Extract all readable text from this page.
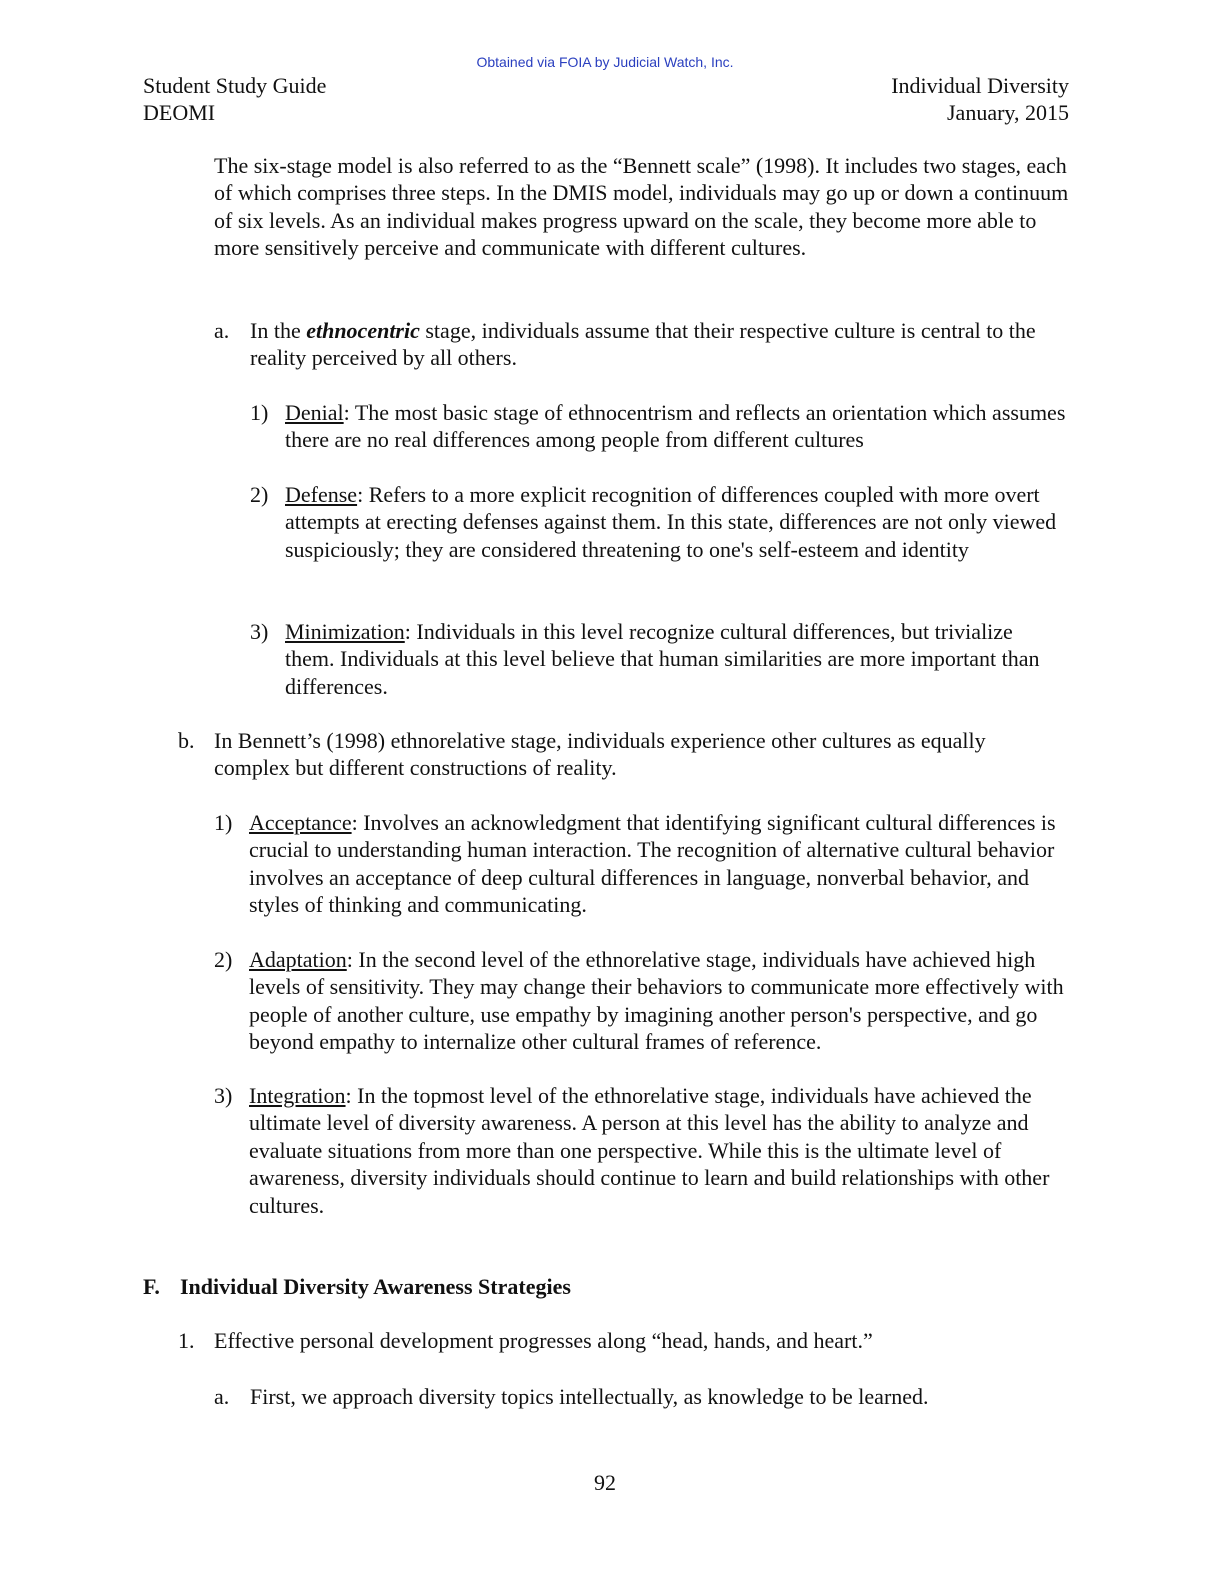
Obtained via FOIA by Judicial Watch, Inc.
Student Study Guide
DEOMI
Individual Diversity
January, 2015
The six-stage model is also referred to as the “Bennett scale” (1998). It includes two stages, each of which comprises three steps. In the DMIS model, individuals may go up or down a continuum of six levels. As an individual makes progress upward on the scale, they become more able to more sensitively perceive and communicate with different cultures.
a. In the ethnocentric stage, individuals assume that their respective culture is central to the reality perceived by all others.
1) Denial: The most basic stage of ethnocentrism and reflects an orientation which assumes there are no real differences among people from different cultures
2) Defense: Refers to a more explicit recognition of differences coupled with more overt attempts at erecting defenses against them. In this state, differences are not only viewed suspiciously; they are considered threatening to one's self-esteem and identity
3) Minimization: Individuals in this level recognize cultural differences, but trivialize them. Individuals at this level believe that human similarities are more important than differences.
b. In Bennett’s (1998) ethnorelative stage, individuals experience other cultures as equally complex but different constructions of reality.
1) Acceptance: Involves an acknowledgment that identifying significant cultural differences is crucial to understanding human interaction. The recognition of alternative cultural behavior involves an acceptance of deep cultural differences in language, nonverbal behavior, and styles of thinking and communicating.
2) Adaptation: In the second level of the ethnorelative stage, individuals have achieved high levels of sensitivity. They may change their behaviors to communicate more effectively with people of another culture, use empathy by imagining another person's perspective, and go beyond empathy to internalize other cultural frames of reference.
3) Integration: In the topmost level of the ethnorelative stage, individuals have achieved the ultimate level of diversity awareness. A person at this level has the ability to analyze and evaluate situations from more than one perspective. While this is the ultimate level of awareness, diversity individuals should continue to learn and build relationships with other cultures.
F. Individual Diversity Awareness Strategies
1. Effective personal development progresses along “head, hands, and heart.”
a. First, we approach diversity topics intellectually, as knowledge to be learned.
92
